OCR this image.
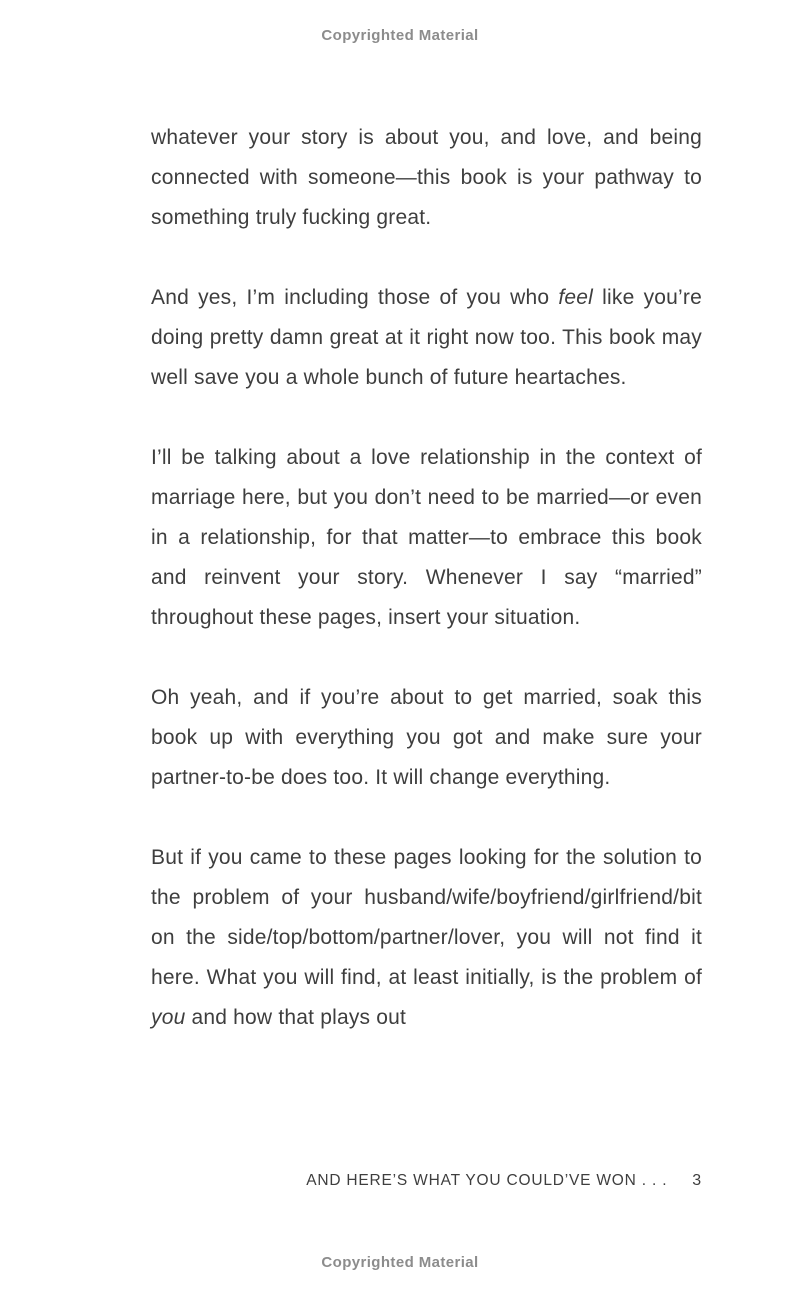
Copyrighted Material

whatever your story is about you, and love, and being connected with someone—this book is your pathway to something truly fucking great.

And yes, I’m including those of you who feel like you’re doing pretty damn great at it right now too. This book may well save you a whole bunch of future heartaches.

I’ll be talking about a love relationship in the context of marriage here, but you don’t need to be married—or even in a relationship, for that matter—to embrace this book and reinvent your story. Whenever I say “married” throughout these pages, insert your situation.

Oh yeah, and if you’re about to get married, soak this book up with everything you got and make sure your partner-to-be does too. It will change everything.

But if you came to these pages looking for the solution to the problem of your husband/wife/boyfriend/girlfriend/bit on the side/top/bottom/partner/lover, you will not find it here. What you will find, at least initially, is the problem of you and how that plays out

AND HERE’S WHAT YOU COULD’VE WON . . . 3
Copyrighted Material
